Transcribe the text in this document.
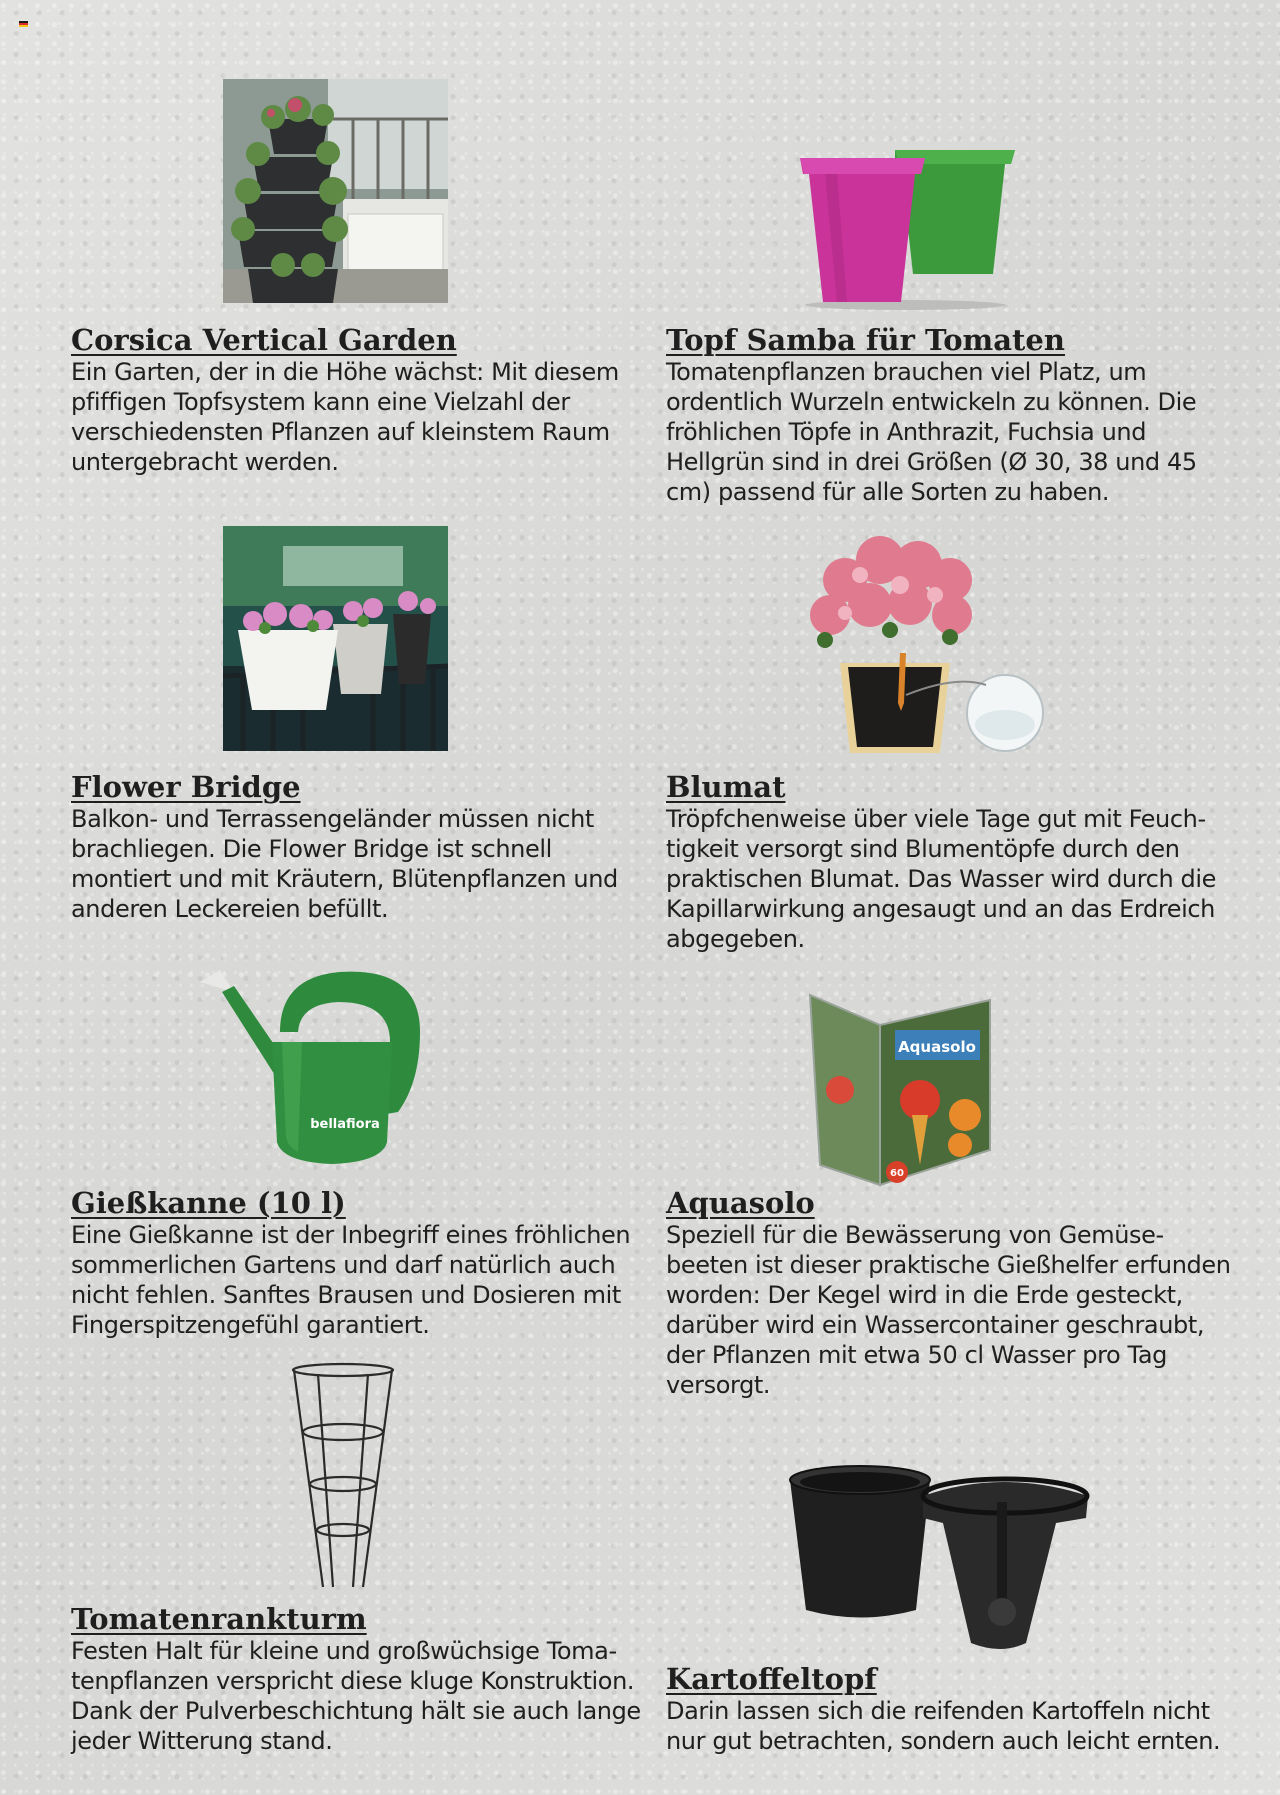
bellafiora
Aquasolo
60
Corsica Vertical Garden

Ein Garten, der in die Höhe wächst: Mit diesem pfiffigen Topfsystem kann eine Vielzahl der verschiedensten Pflanzen auf kleinstem Raum untergebracht werden.

Topf Samba für Tomaten

Tomatenpflanzen brauchen viel Platz, um ordentlich Wurzeln entwickeln zu können. Die fröhlichen Töpfe in Anthrazit, Fuchsia und Hellgrün sind in drei Größen (Ø 30, 38 und 45 cm) passend für alle Sorten zu haben.

Flower Bridge

Balkon- und Terrassengeländer müssen nicht brachliegen. Die Flower Bridge ist schnell montiert und mit Kräutern, Blütenpflanzen und anderen Leckereien befüllt.

Blumat

Tröpfchenweise über viele Tage gut mit Feuchtigkeit versorgt sind Blumentöpfe durch den praktischen Blumat. Das Wasser wird durch die Kapillarwirkung angesaugt und an das Erdreich abgegeben.

Gießkanne (10 l)

Eine Gießkanne ist der Inbegriff eines fröhlichen sommerlichen Gartens und darf natürlich auch nicht fehlen. Sanftes Brausen und Dosieren mit Fingerspitzengefühl garantiert.

Aquasolo

Speziell für die Bewässerung von Gemüsebeeten ist dieser praktische Gießhelfer erfunden worden: Der Kegel wird in die Erde gesteckt, darüber wird ein Wassercontainer geschraubt, der Pflanzen mit etwa 50 cl Wasser pro Tag versorgt.

Tomatenrankturm

Festen Halt für kleine und großwüchsige Tomatenpflanzen verspricht diese kluge Konstruktion. Dank der Pulverbeschichtung hält sie auch lange jeder Witterung stand.

Kartoffeltopf

Darin lassen sich die reifenden Kartoffeln nicht nur gut betrachten, sondern auch leicht ernten.
